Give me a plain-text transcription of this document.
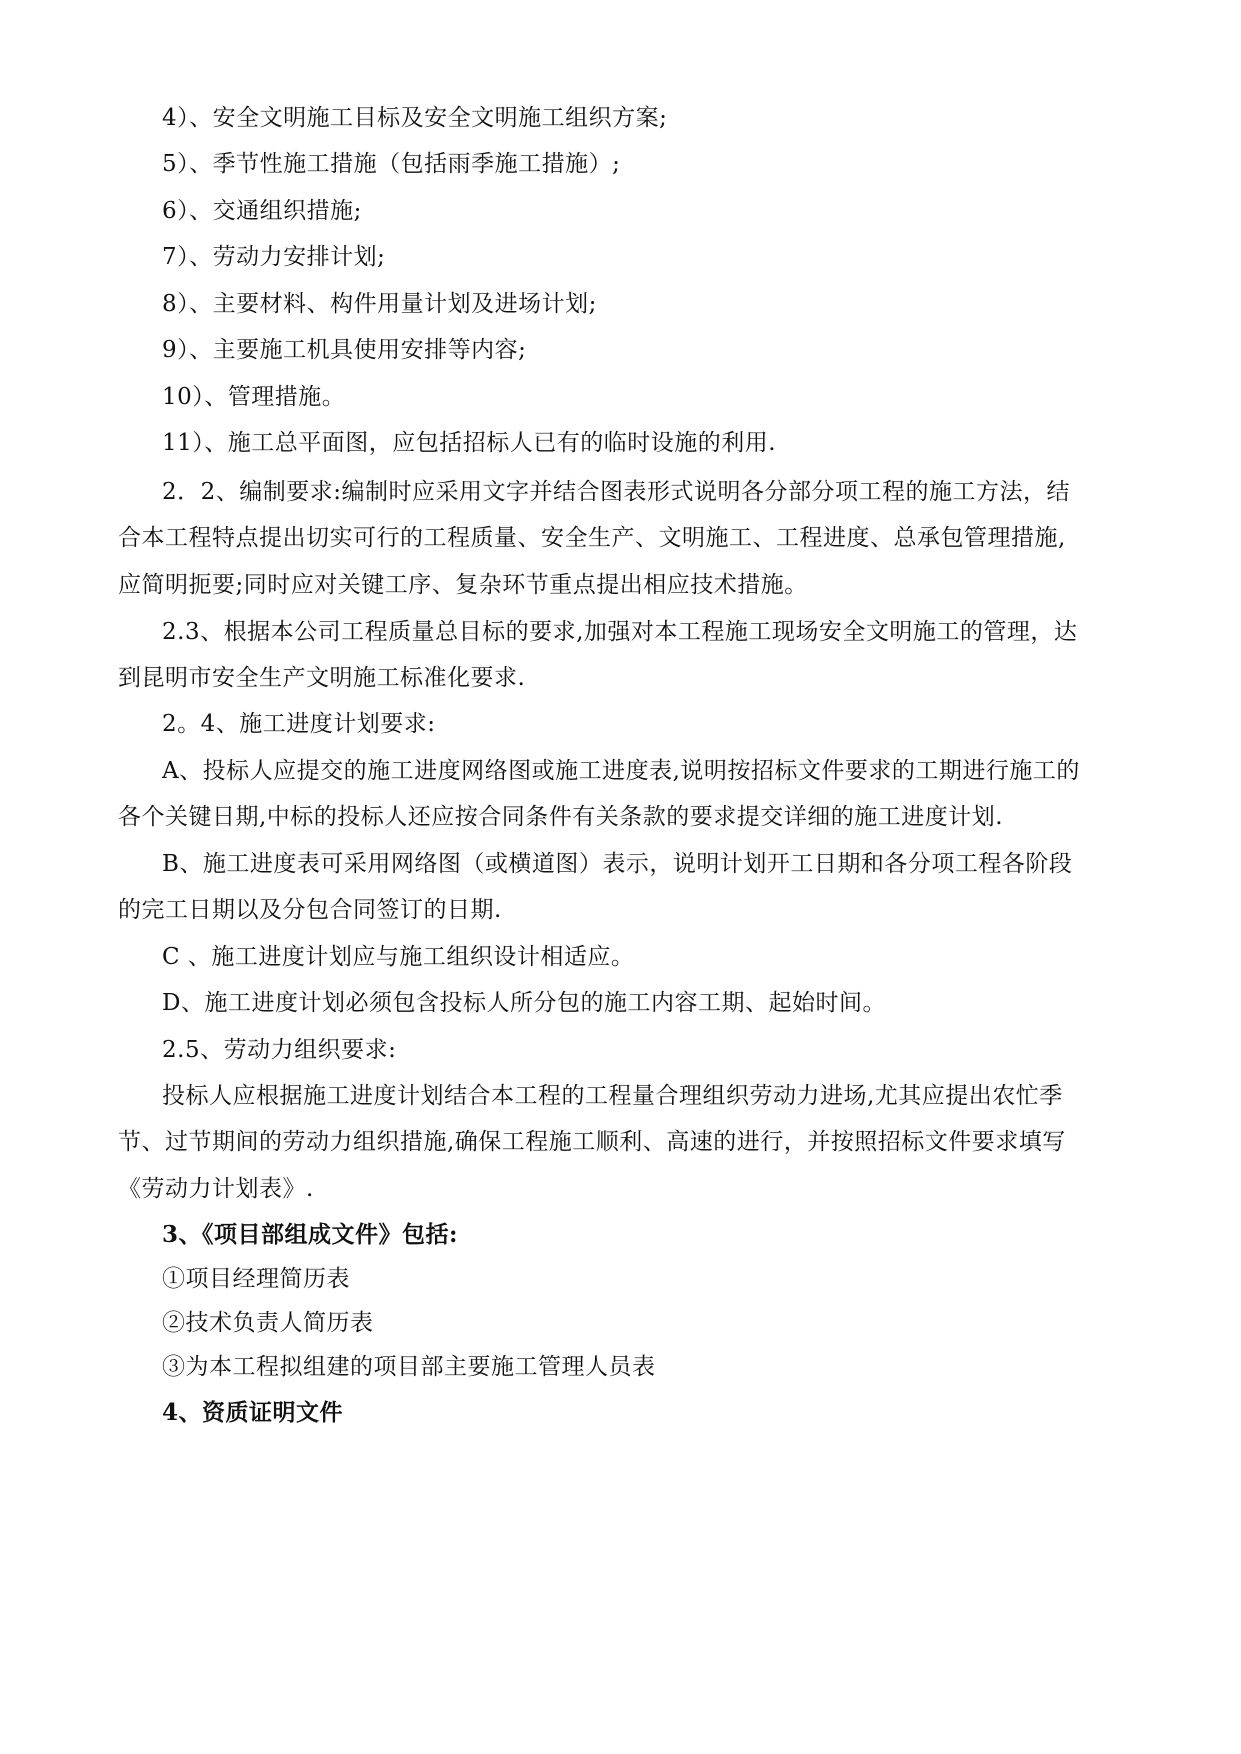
4）、安全文明施工目标及安全文明施工组织方案;
5）、季节性施工措施（包括雨季施工措施）;
6）、交通组织措施;
7）、劳动力安排计划;
8）、主要材料、构件用量计划及进场计划;
9）、主要施工机具使用安排等内容;
10）、管理措施。
11）、施工总平面图，应包括招标人已有的临时设施的利用.
2．2、编制要求:编制时应采用文字并结合图表形式说明各分部分项工程的施工方法，结
合本工程特点提出切实可行的工程质量、安全生产、文明施工、工程进度、总承包管理措施,
应简明扼要;同时应对关键工序、复杂环节重点提出相应技术措施。
2.3、根据本公司工程质量总目标的要求,加强对本工程施工现场安全文明施工的管理，达
到昆明市安全生产文明施工标准化要求.
2。4、施工进度计划要求:
A、投标人应提交的施工进度网络图或施工进度表,说明按招标文件要求的工期进行施工的
各个关键日期,中标的投标人还应按合同条件有关条款的要求提交详细的施工进度计划.
B、施工进度表可采用网络图（或横道图）表示，说明计划开工日期和各分项工程各阶段
的完工日期以及分包合同签订的日期.
C 、施工进度计划应与施工组织设计相适应。
D、施工进度计划必须包含投标人所分包的施工内容工期、起始时间。
2.5、劳动力组织要求:
投标人应根据施工进度计划结合本工程的工程量合理组织劳动力进场,尤其应提出农忙季
节、过节期间的劳动力组织措施,确保工程施工顺利、高速的进行，并按照招标文件要求填写
《劳动力计划表》.
3、《项目部组成文件》包括:
①项目经理简历表
②技术负责人简历表
③为本工程拟组建的项目部主要施工管理人员表
4、资质证明文件
